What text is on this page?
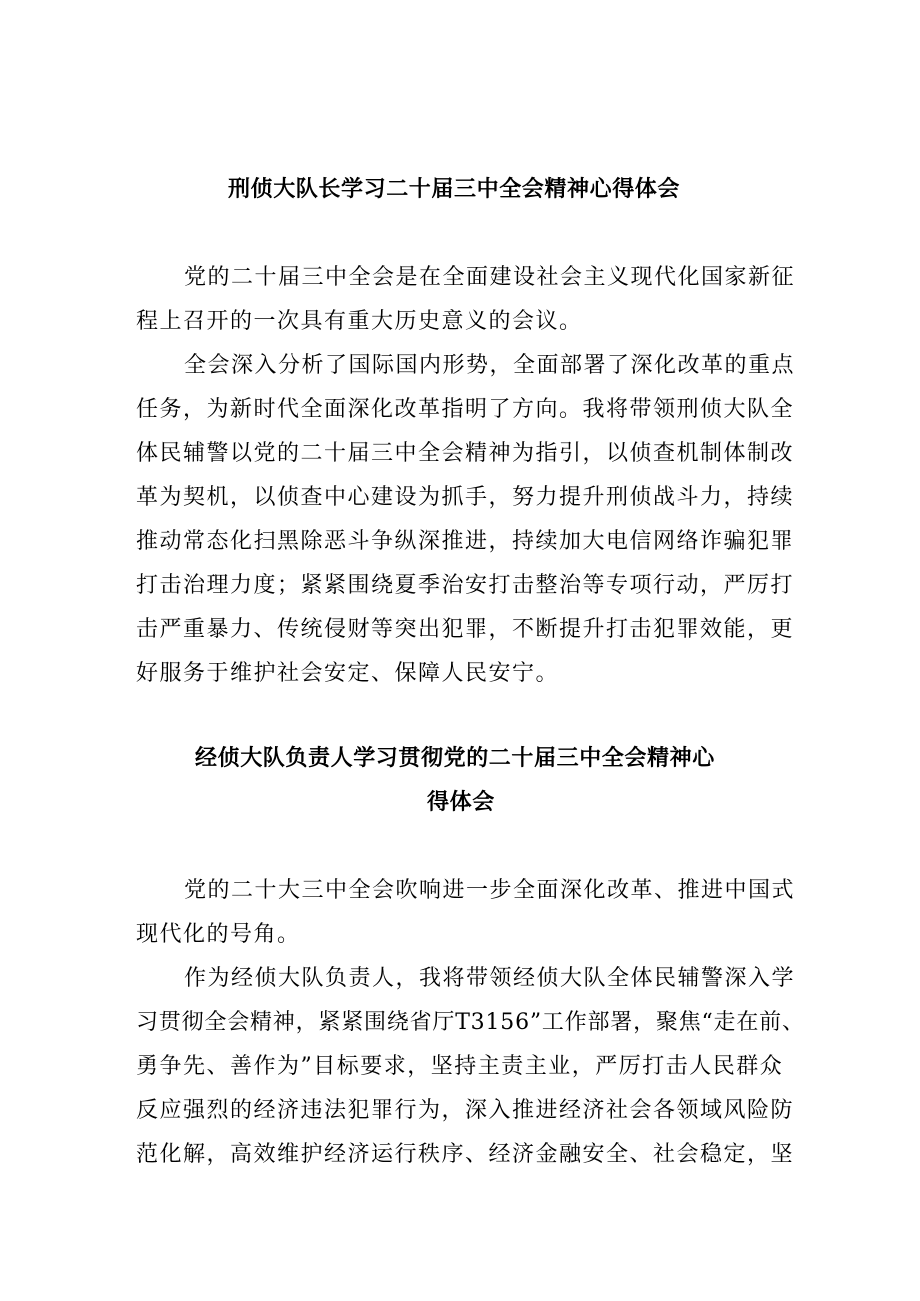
刑侦大队长学习二十届三中全会精神心得体会
党的二十届三中全会是在全面建设社会主义现代化国家新征
程上召开的一次具有重大历史意义的会议。
全会深入分析了国际国内形势，全面部署了深化改革的重点
任务，为新时代全面深化改革指明了方向。我将带领刑侦大队全
体民辅警以党的二十届三中全会精神为指引，以侦查机制体制改
革为契机，以侦查中心建设为抓手，努力提升刑侦战斗力，持续
推动常态化扫黑除恶斗争纵深推进，持续加大电信网络诈骗犯罪
打击治理力度；紧紧围绕夏季治安打击整治等专项行动，严厉打
击严重暴力、传统侵财等突出犯罪，不断提升打击犯罪效能，更
好服务于维护社会安定、保障人民安宁。
经侦大队负责人学习贯彻党的二十届三中全会精神心
得体会
党的二十大三中全会吹响进一步全面深化改革、推进中国式
现代化的号角。
作为经侦大队负责人，我将带领经侦大队全体民辅警深入学
习贯彻全会精神，紧紧围绕省厅T3156”工作部署，聚焦“走在前、
勇争先、善作为”目标要求，坚持主责主业，严厉打击人民群众
反应强烈的经济违法犯罪行为，深入推进经济社会各领域风险防
范化解，高效维护经济运行秩序、经济金融安全、社会稳定，坚
